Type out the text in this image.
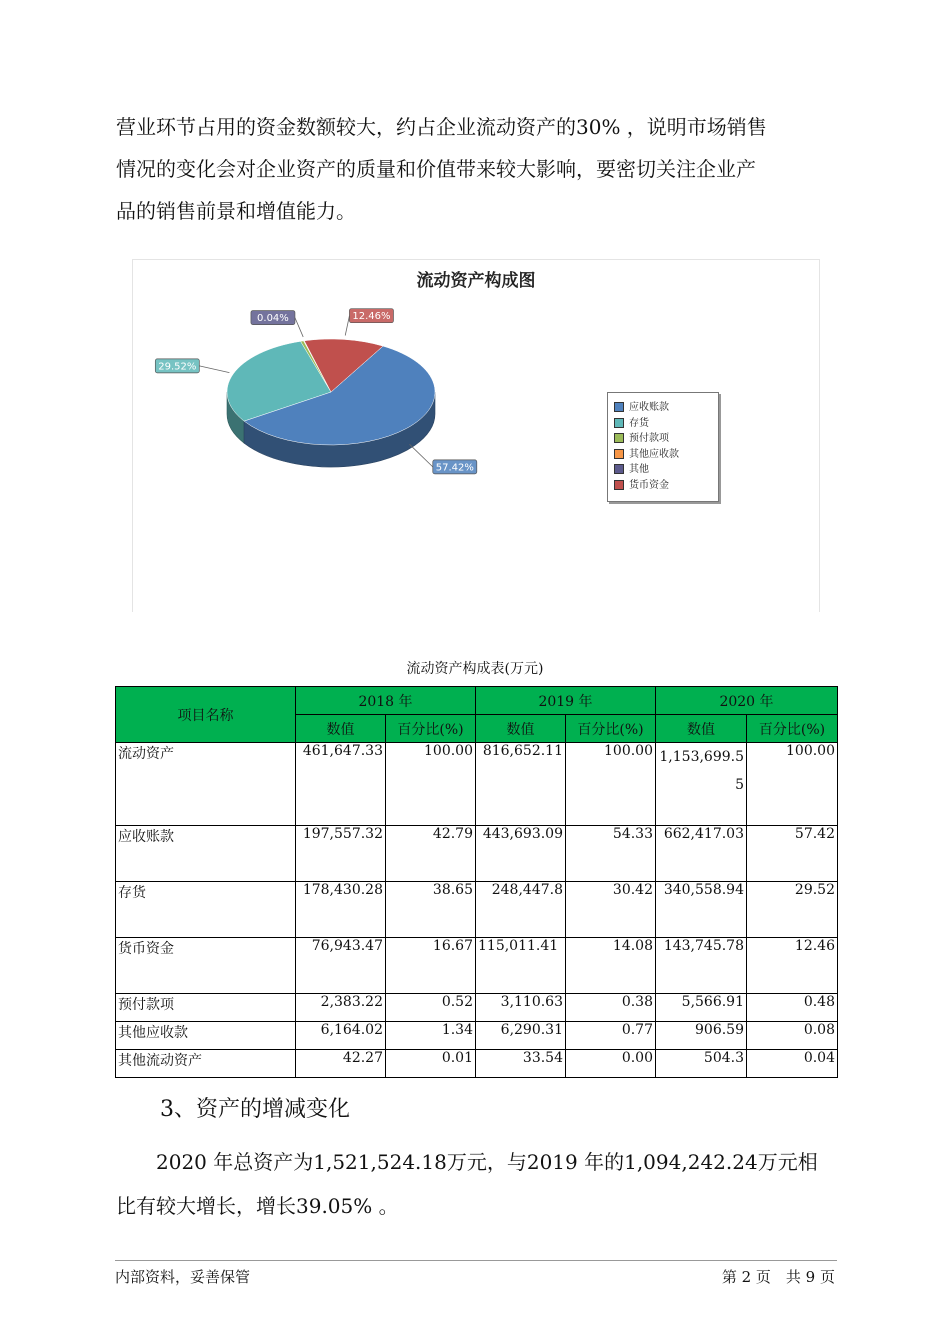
营业环节占用的资金数额较大，约占企业流动资产的30% ，说明市场销售
情况的变化会对企业资产的质量和价值带来较大影响，要密切关注企业产
品的销售前景和增值能力。
57.42%
29.52%
0.04%	12.46%
流动资产构成图
应收账款
存货
预付款项
其他应收款
其他
货币资金
流动资产构成表(万元)
项目名称	2018 年		2019 年		2020 年	
	数值	百分比(%)	数值	百分比(%)	数值	百分比(%)
流动资产	461,647.33	100.00	816,652.11	100.00	1,153,699.55	100.00
应收账款	197,557.32	42.79	443,693.09	54.33	662,417.03	57.42
存货	178,430.28	38.65	248,447.8	30.42	340,558.94	29.52
货币资金	76,943.47	16.67	115,011.41	14.08	143,745.78	12.46
预付款项	2,383.22	0.52	3,110.63	0.38	5,566.91	0.48
其他应收款	6,164.02	1.34	6,290.31	0.77	906.59	0.08
其他流动资产	42.27	0.01	33.54	0.00	504.3	0.04
3、资产的增减变化
　　2020 年总资产为1,521,524.18万元，与2019 年的1,094,242.24万元相
比有较大增长，增长39.05% 。
内部资料，妥善保管	第 2 页　共 9 页
